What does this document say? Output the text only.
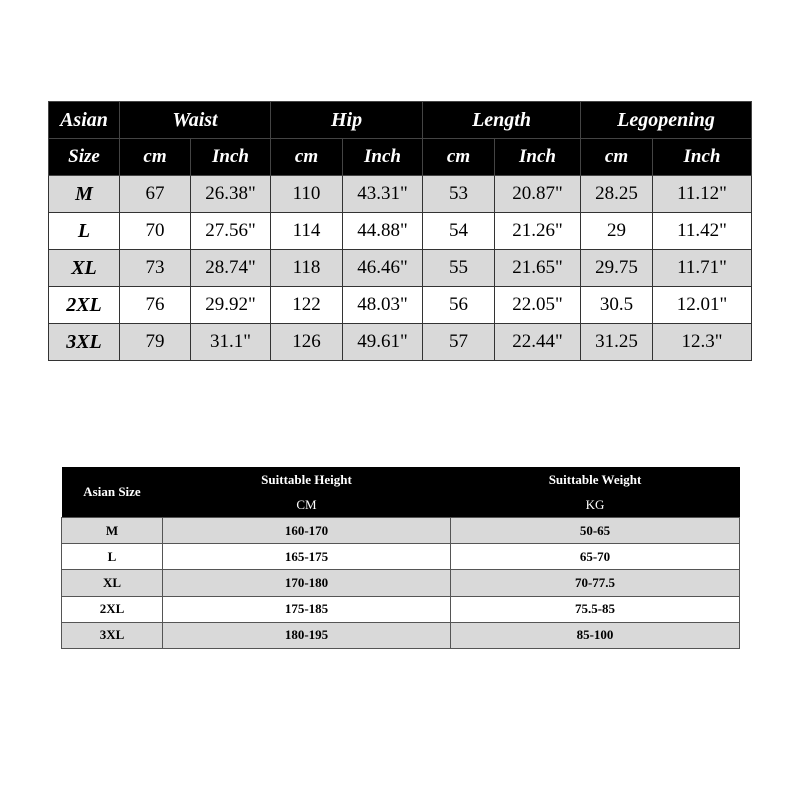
Asian	Waist		Hip		Length		Legopening	
Size	cm	Inch	cm	Inch	cm	Inch	cm	Inch
M	67	26.38"	110	43.31"	53	20.87"	28.25	11.12"
L	70	27.56"	114	44.88"	54	21.26"	29	11.42"
XL	73	28.74"	118	46.46"	55	21.65"	29.75	11.71"
2XL	76	29.92"	122	48.03"	56	22.05"	30.5	12.01"
3XL	79	31.1"	126	49.61"	57	22.44"	31.25	12.3"
Asian Size	Suittable Height	Suittable Weight
	CM	KG
M	160-170	50-65
L	165-175	65-70
XL	170-180	70-77.5
2XL	175-185	75.5-85
3XL	180-195	85-100
